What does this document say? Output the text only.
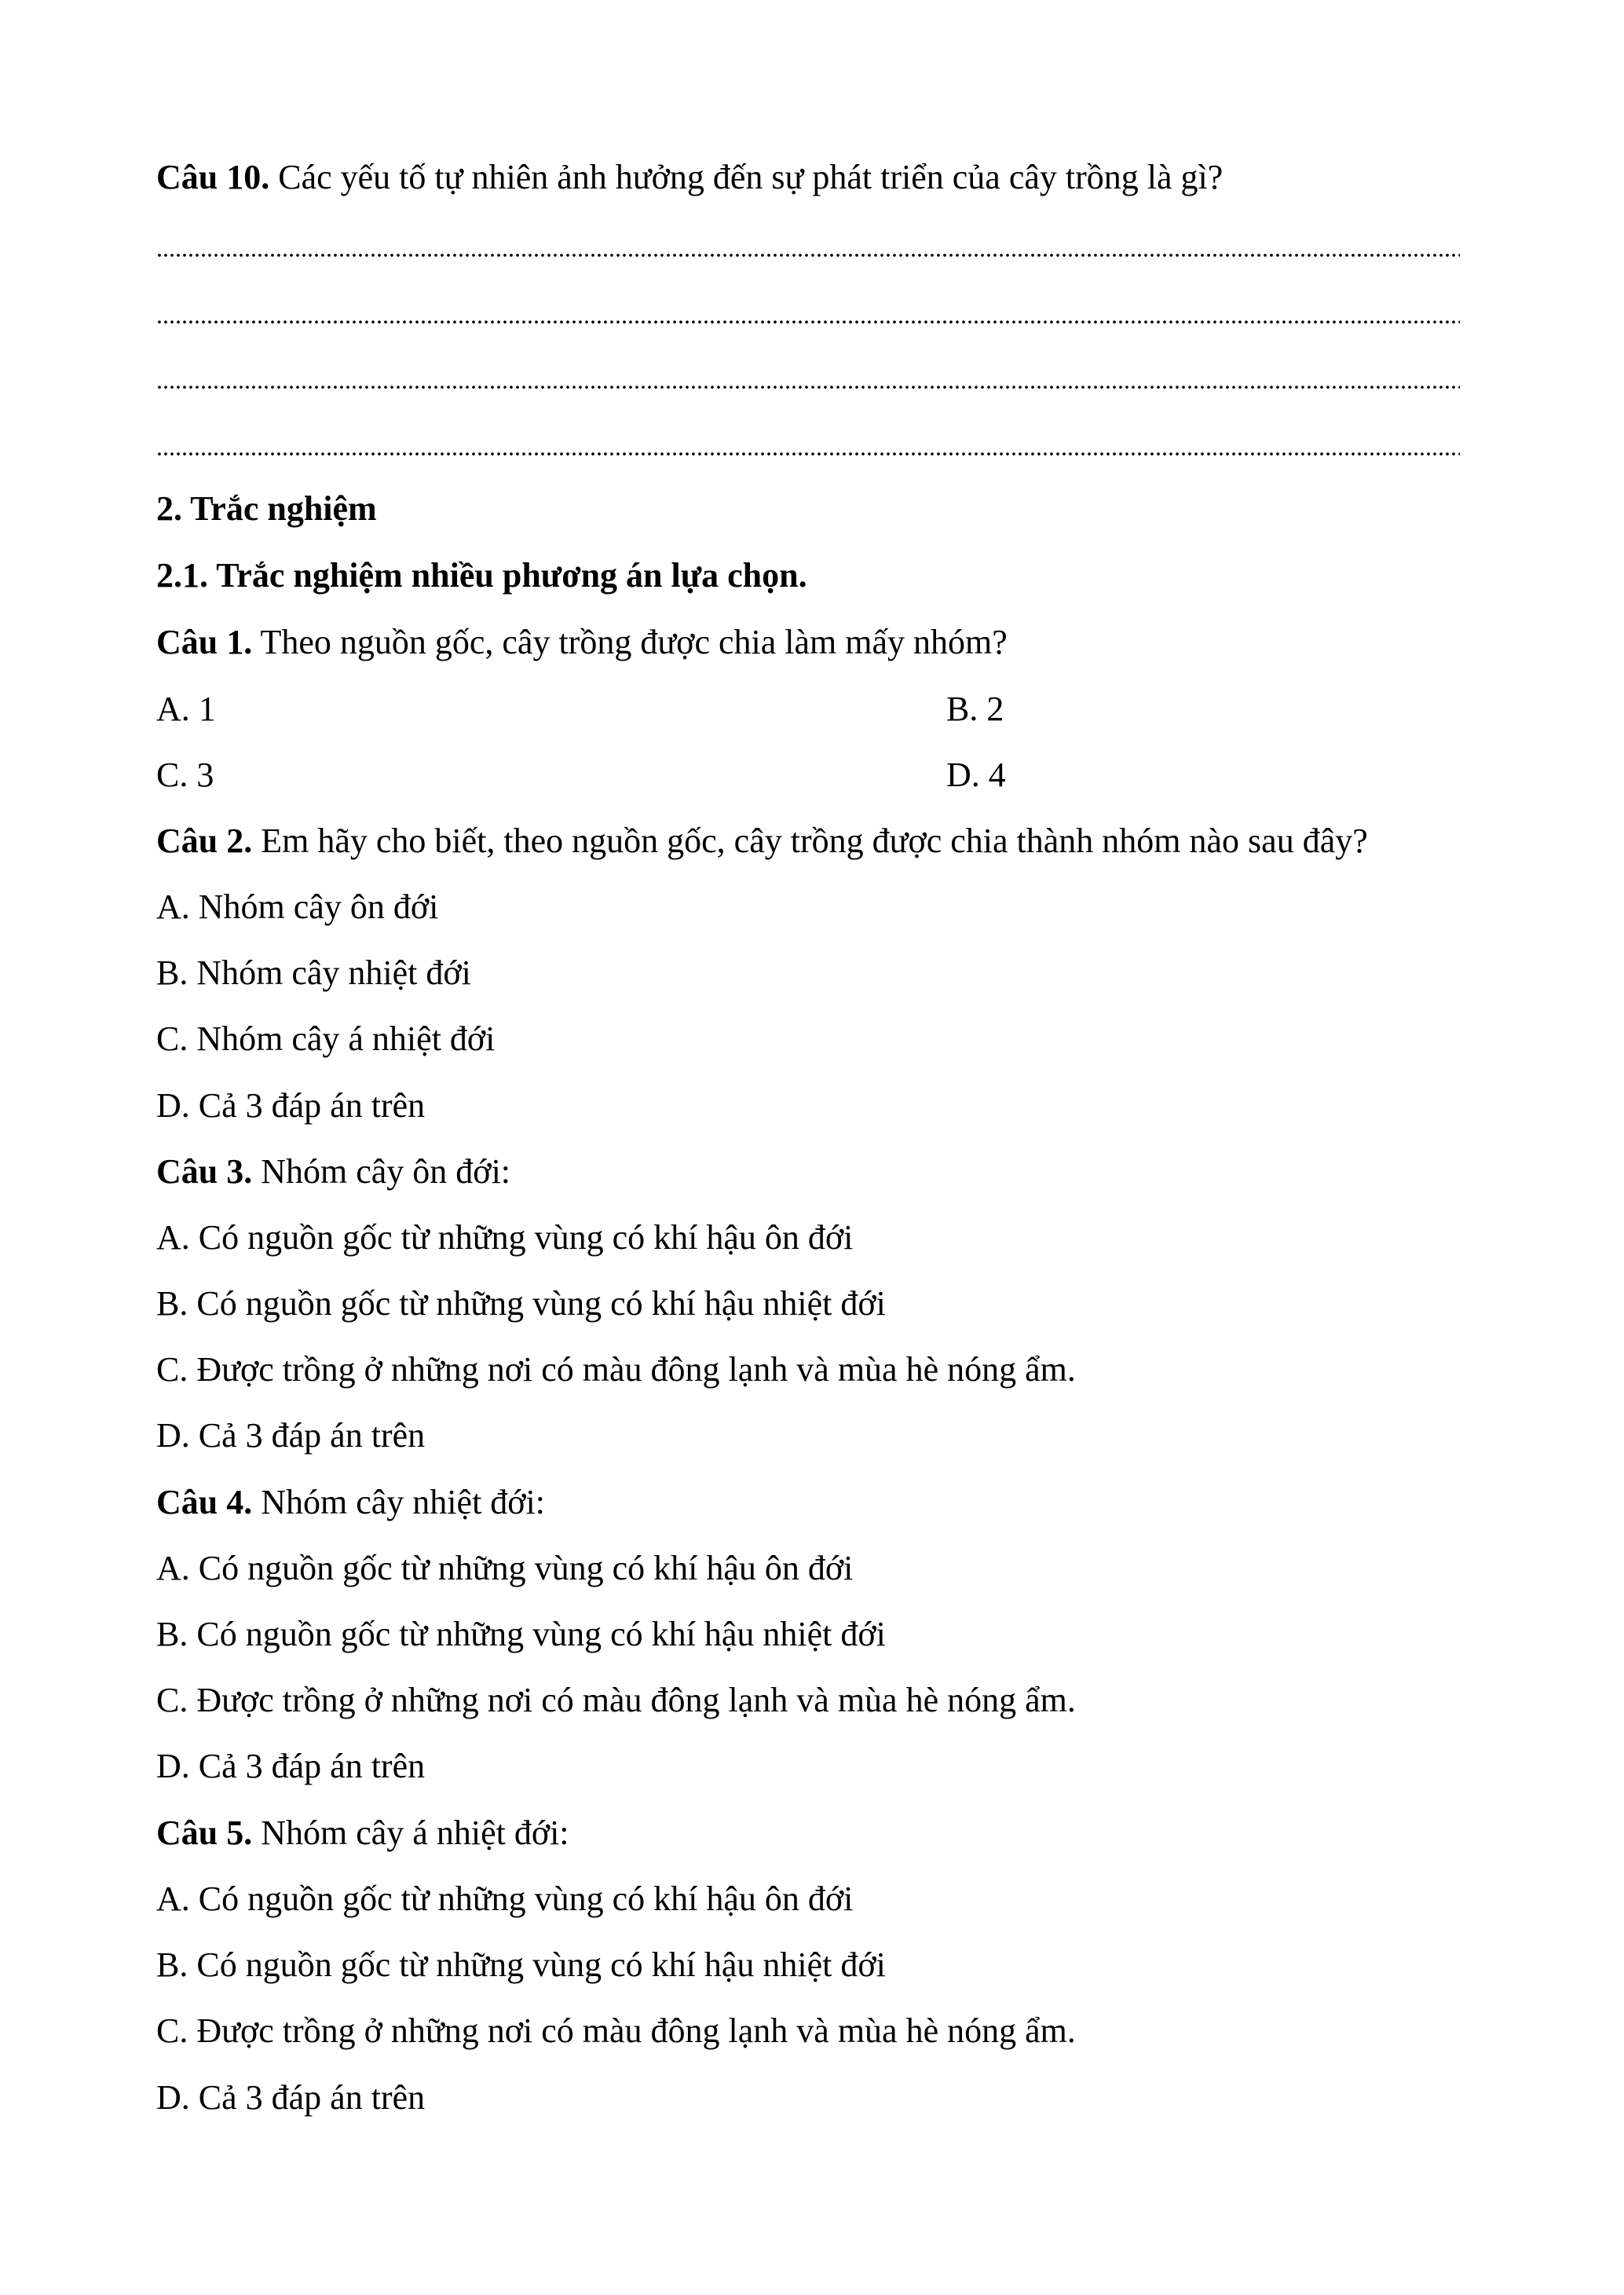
Câu 10. Các yếu tố tự nhiên ảnh hưởng đến sự phát triển của cây trồng là gì?
2. Trắc nghiệm
2.1. Trắc nghiệm nhiều phương án lựa chọn.
Câu 1. Theo nguồn gốc, cây trồng được chia làm mấy nhóm?
A. 1	B. 2
C. 3	D. 4
Câu 2. Em hãy cho biết, theo nguồn gốc, cây trồng được chia thành nhóm nào sau đây?
A. Nhóm cây ôn đới
B. Nhóm cây nhiệt đới
C. Nhóm cây á nhiệt đới
D. Cả 3 đáp án trên
Câu 3. Nhóm cây ôn đới:
A. Có nguồn gốc từ những vùng có khí hậu ôn đới
B. Có nguồn gốc từ những vùng có khí hậu nhiệt đới
C. Được trồng ở những nơi có màu đông lạnh và mùa hè nóng ẩm.
D. Cả 3 đáp án trên
Câu 4. Nhóm cây nhiệt đới:
A. Có nguồn gốc từ những vùng có khí hậu ôn đới
B. Có nguồn gốc từ những vùng có khí hậu nhiệt đới
C. Được trồng ở những nơi có màu đông lạnh và mùa hè nóng ẩm.
D. Cả 3 đáp án trên
Câu 5. Nhóm cây á nhiệt đới:
A. Có nguồn gốc từ những vùng có khí hậu ôn đới
B. Có nguồn gốc từ những vùng có khí hậu nhiệt đới
C. Được trồng ở những nơi có màu đông lạnh và mùa hè nóng ẩm.
D. Cả 3 đáp án trên
